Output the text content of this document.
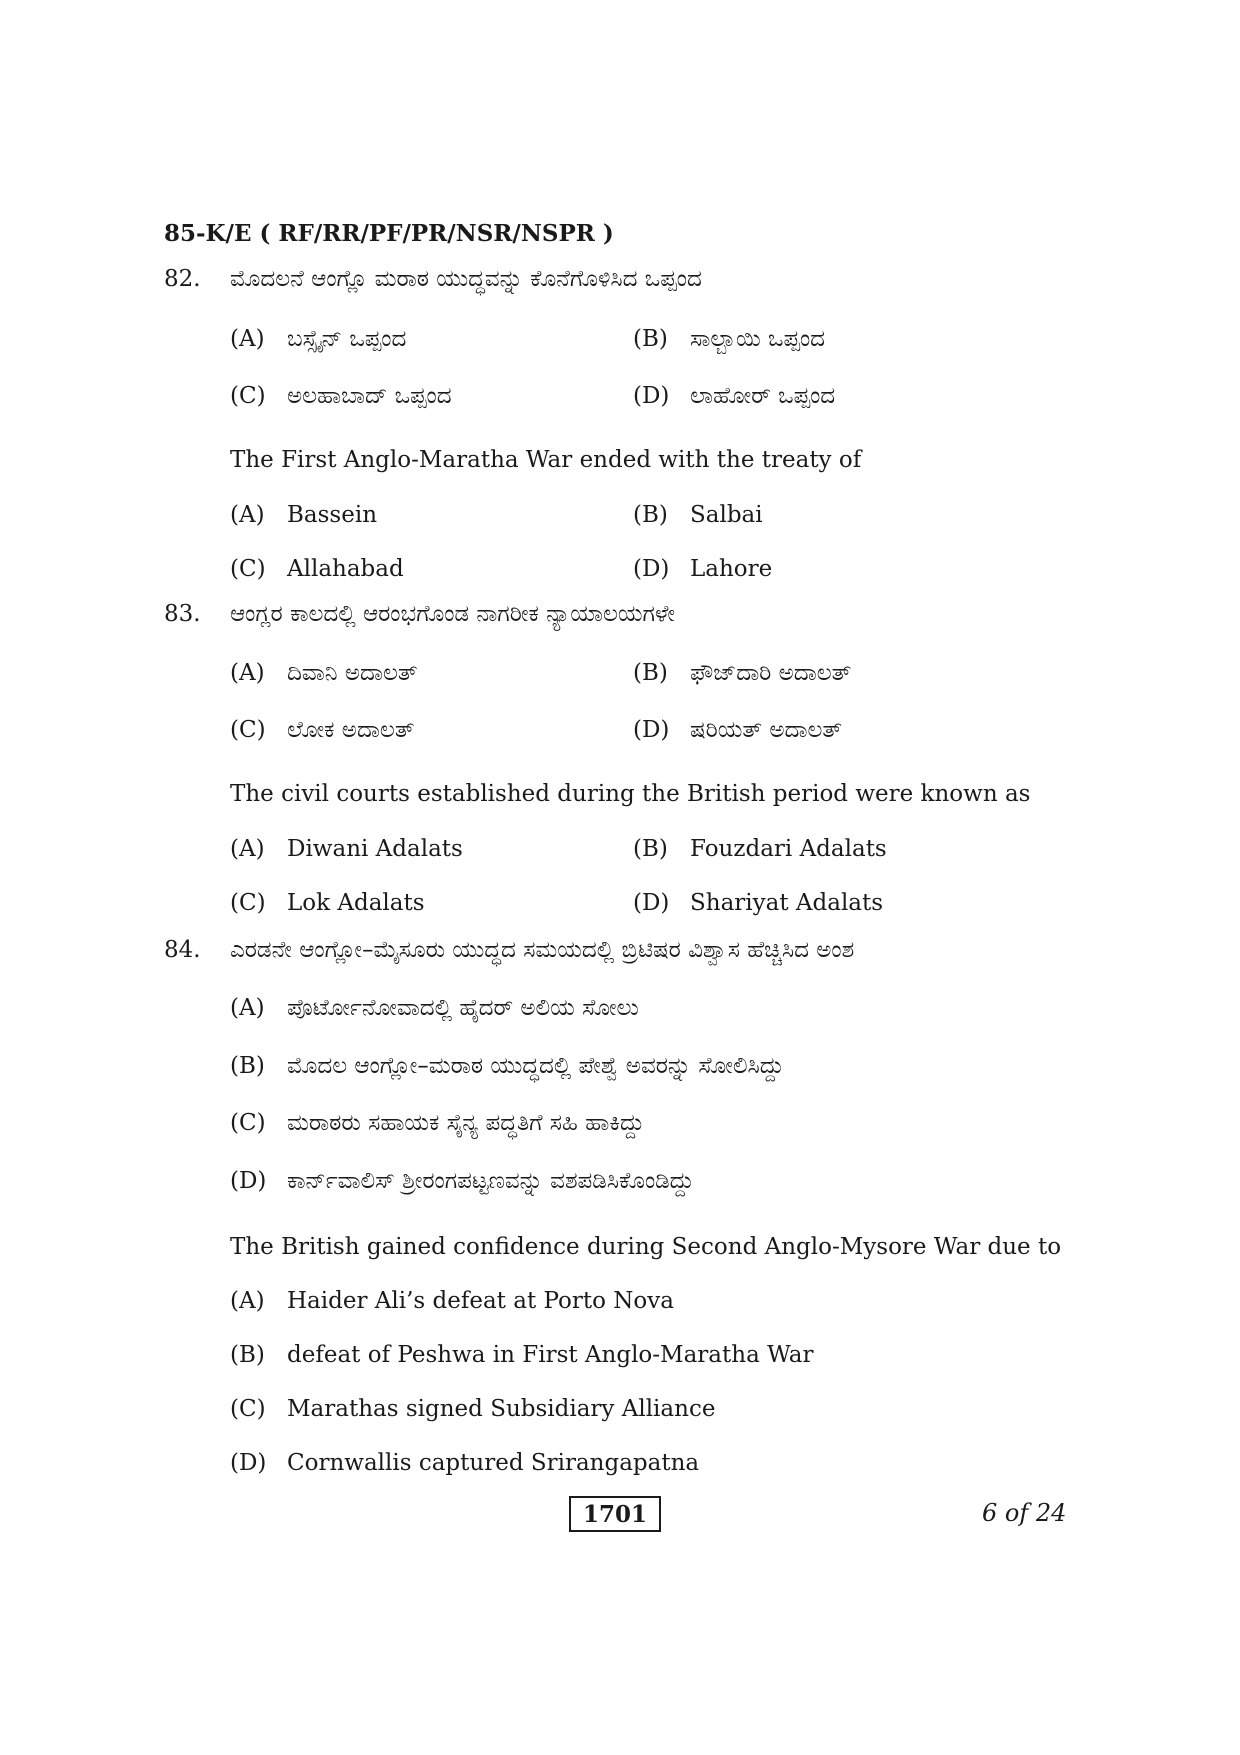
85-K/E ( RF/RR/PF/PR/NSR/NSPR )
82. ಮೊದಲನೆ ಆಂಗ್ಲೊ ಮರಾಠ ಯುದ್ಧವನ್ನು ಕೊನೆಗೊಳಿಸಿದ ಒಪ್ಪಂದ
(A) ಬಸ್ಸೈನ್ ಒಪ್ಪಂದ	(B) ಸಾಲ್ಬಾಯಿ ಒಪ್ಪಂದ
(C) ಅಲಹಾಬಾದ್ ಒಪ್ಪಂದ	(D) ಲಾಹೋರ್ ಒಪ್ಪಂದ
The First Anglo-Maratha War ended with the treaty of
(A) Bassein	(B) Salbai
(C) Allahabad	(D) Lahore
83. ಆಂಗ್ಲರ ಕಾಲದಲ್ಲಿ ಆರಂಭಗೊಂಡ ನಾಗರೀಕ ನ್ಯಾಯಾಲಯಗಳೇ
(A) ದಿವಾನಿ ಅದಾಲತ್	(B) ಫೌಜ್‌ದಾರಿ ಅದಾಲತ್
(C) ಲೋಕ ಅದಾಲತ್	(D) ಷರಿಯತ್ ಅದಾಲತ್
The civil courts established during the British period were known as
(A) Diwani Adalats	(B) Fouzdari Adalats
(C) Lok Adalats	(D) Shariyat Adalats
84. ಎರಡನೇ ಆಂಗ್ಲೋ–ಮೈಸೂರು ಯುದ್ಧದ ಸಮಯದಲ್ಲಿ ಬ್ರಿಟಿಷರ ವಿಶ್ವಾಸ ಹೆಚ್ಚಿಸಿದ ಅಂಶ
(A) ಪೊರ್ಟೋನೋವಾದಲ್ಲಿ ಹೈದರ್ ಅಲಿಯ ಸೋಲು
(B) ಮೊದಲ ಆಂಗ್ಲೋ–ಮರಾಠ ಯುದ್ಧದಲ್ಲಿ ಪೇಶ್ವೆ ಅವರನ್ನು ಸೋಲಿಸಿದ್ದು
(C) ಮರಾಠರು ಸಹಾಯಕ ಸೈನ್ಯ ಪದ್ಧತಿಗೆ ಸಹಿ ಹಾಕಿದ್ದು
(D) ಕಾರ್ನ್‌ವಾಲಿಸ್ ಶ್ರೀರಂಗಪಟ್ಟಣವನ್ನು ವಶಪಡಿಸಿಕೊಂಡಿದ್ದು
The British gained confidence during Second Anglo-Mysore War due to
(A) Haider Ali’s defeat at Porto Nova
(B) defeat of Peshwa in First Anglo-Maratha War
(C) Marathas signed Subsidiary Alliance
(D) Cornwallis captured Srirangapatna
1701	6 of 24
